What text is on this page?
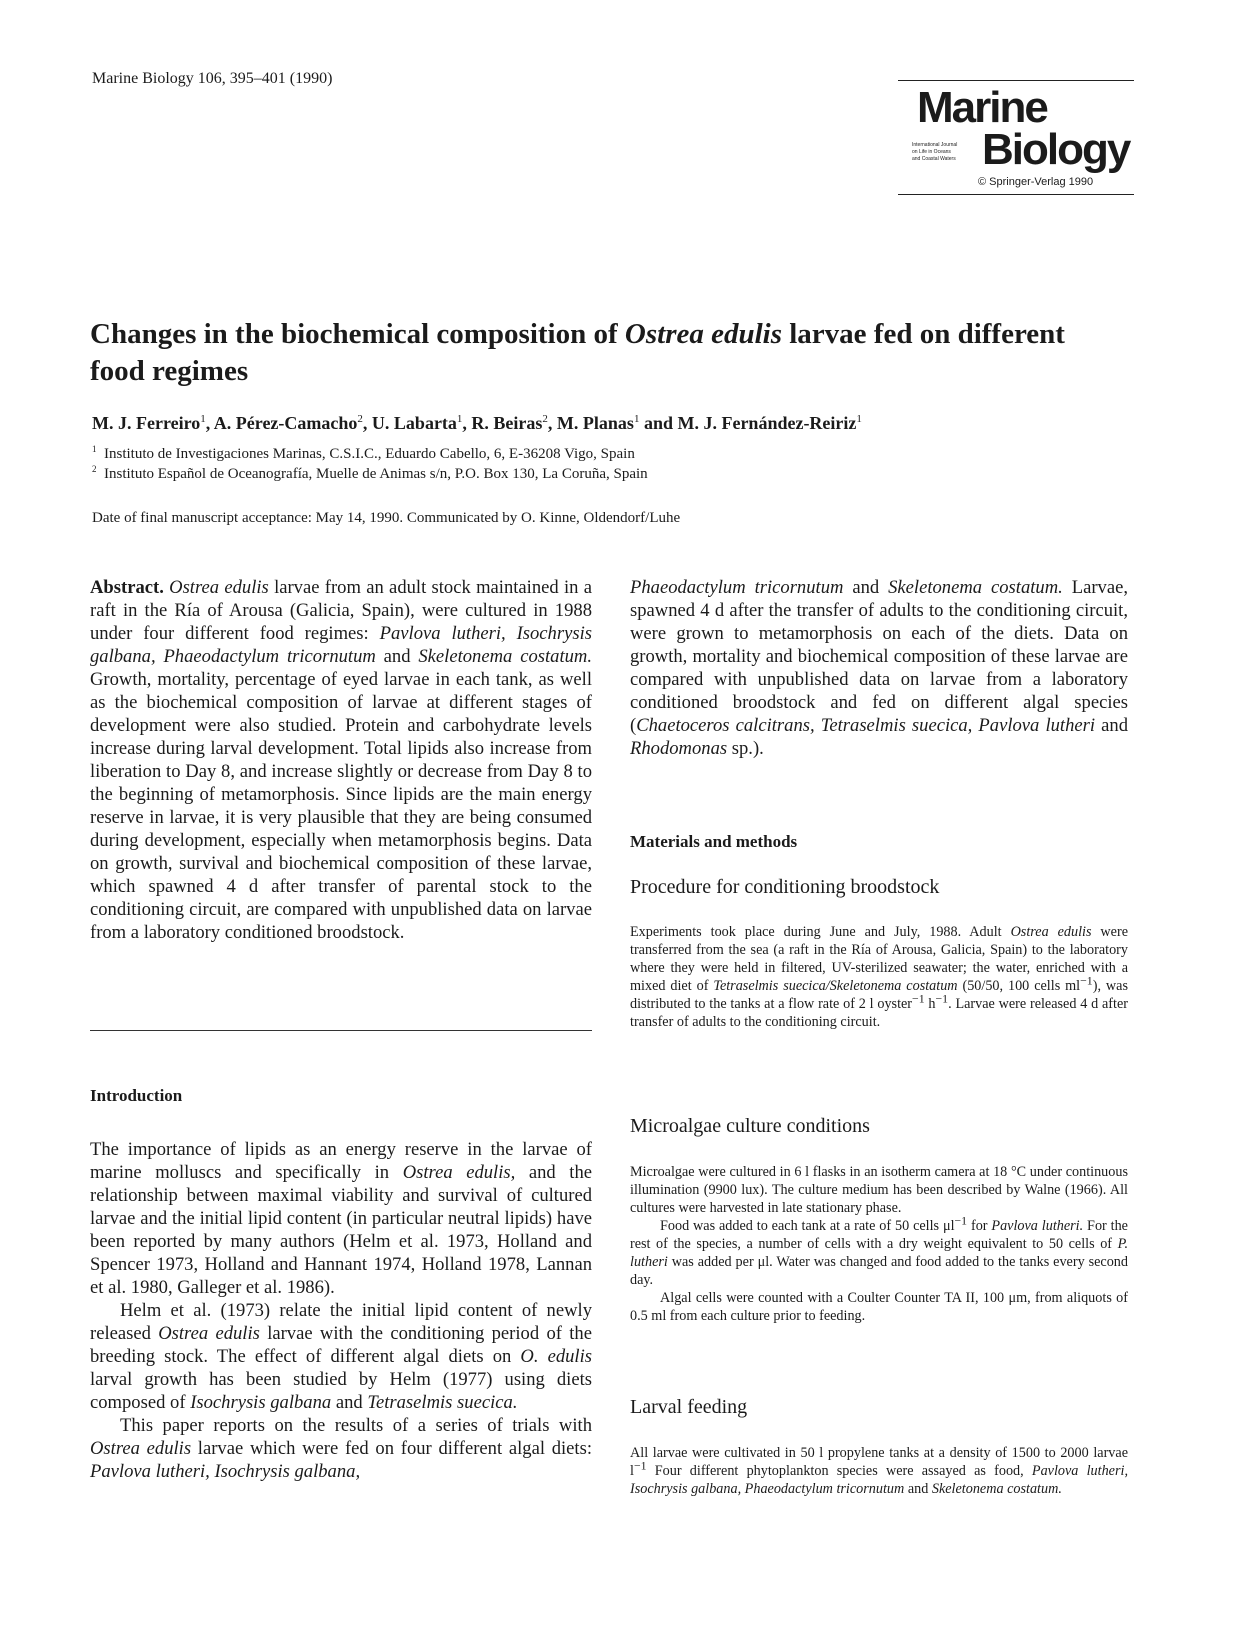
Marine Biology 106, 395–401 (1990)
Marine
International Journal
on Life in Oceans
and Coastal Waters Biology
© Springer-Verlag 1990
Changes in the biochemical composition of Ostrea edulis larvae fed on different food regimes
M. J. Ferreiro$^1$, A. Pérez-Camacho$^2$, U. Labarta$^1$, R. Beiras$^2$, M. Planas$^1$ and M. J. Fernández-Reiriz$^1$
$^1$ Instituto de Investigaciones Marinas, C.S.I.C., Eduardo Cabello, 6, E-36208 Vigo, Spain
$^2$ Instituto Español de Oceanografía, Muelle de Animas s/n, P.O. Box 130, La Coruña, Spain
Date of final manuscript acceptance: May 14, 1990. Communicated by O. Kinne, Oldendorf/Luhe

Abstract. Ostrea edulis larvae from an adult stock maintained in a raft in the Ría of Arousa (Galicia, Spain), were cultured in 1988 under four different food regimes: Pavlova lutheri, Isochrysis galbana, Phaeodactylum tricornutum and Skeletonema costatum. Growth, mortality, percentage of eyed larvae in each tank, as well as the biochemical composition of larvae at different stages of development were also studied. Protein and carbohydrate levels increase during larval development. Total lipids also increase from liberation to Day 8, and increase slightly or decrease from Day 8 to the beginning of metamorphosis. Since lipids are the main energy reserve in larvae, it is very plausible that they are being consumed during development, especially when metamorphosis begins. Data on growth, survival and biochemical composition of these larvae, which spawned 4 d after transfer of parental stock to the conditioning circuit, are compared with unpublished data on larvae from a laboratory conditioned broodstock.

Introduction

The importance of lipids as an energy reserve in the larvae of marine molluscs and specifically in Ostrea edulis, and the relationship between maximal viability and survival of cultured larvae and the initial lipid content (in particular neutral lipids) have been reported by many authors (Helm et al. 1973, Holland and Spencer 1973, Holland and Hannant 1974, Holland 1978, Lannan et al. 1980, Galleger et al. 1986).

Helm et al. (1973) relate the initial lipid content of newly released Ostrea edulis larvae with the conditioning period of the breeding stock. The effect of different algal diets on O. edulis larval growth has been studied by Helm (1977) using diets composed of Isochrysis galbana and Tetraselmis suecica.

This paper reports on the results of a series of trials with Ostrea edulis larvae which were fed on four different algal diets: Pavlova lutheri, Isochrysis galbana,

Phaeodactylum tricornutum and Skeletonema costatum. Larvae, spawned 4 d after the transfer of adults to the conditioning circuit, were grown to metamorphosis on each of the diets. Data on growth, mortality and biochemical composition of these larvae are compared with unpublished data on larvae from a laboratory conditioned broodstock and fed on different algal species (Chaetoceros calcitrans, Tetraselmis suecica, Pavlova lutheri and Rhodomonas sp.).

Materials and methods
Procedure for conditioning broodstock

Experiments took place during June and July, 1988. Adult Ostrea edulis were transferred from the sea (a raft in the Ría of Arousa, Galicia, Spain) to the laboratory where they were held in filtered, UV-sterilized seawater; the water, enriched with a mixed diet of Tetraselmis suecica/Skeletonema costatum (50/50, 100 cells $ml^{-1}$), was distributed to the tanks at a flow rate of 2 l oyster$^{-1}$ $h^{-1}$. Larvae were released 4 d after transfer of adults to the conditioning circuit.

Microalgae culture conditions

Microalgae were cultured in 6 l flasks in an isotherm camera at 18 °C under continuous illumination (9900 lux). The culture medium has been described by Walne (1966). All cultures were harvested in late stationary phase.

Food was added to each tank at a rate of 50 cells $\mu l^{-1}$ for Pavlova lutheri. For the rest of the species, a number of cells with a dry weight equivalent to 50 cells of P. lutheri was added per μl. Water was changed and food added to the tanks every second day.

Algal cells were counted with a Coulter Counter TA II, 100 μm, from aliquots of 0.5 ml from each culture prior to feeding.

Larval feeding

All larvae were cultivated in 50 l propylene tanks at a density of 1500 to 2000 larvae $l^{-1}$ Four different phytoplankton species were assayed as food, Pavlova lutheri, Isochrysis galbana, Phaeodactylum tricornutum and Skeletonema costatum.
